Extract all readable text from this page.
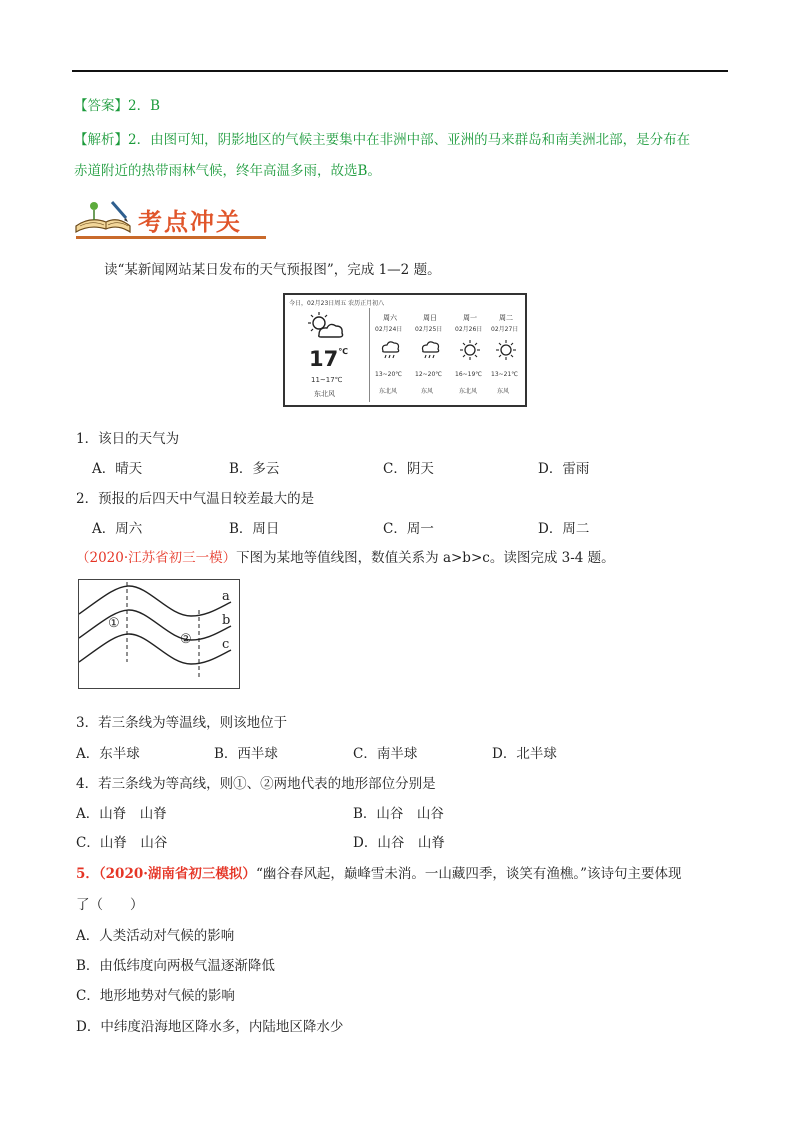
【答案】2．B
【解析】2．由图可知，阴影地区的气候主要集中在非洲中部、亚洲的马来群岛和南美洲北部，是分布在
赤道附近的热带雨林气候，终年高温多雨，故选B。
考点冲关
读“某新闻网站某日发布的天气预报图”，完成 1—2 题。
今日，02月23日周五 农历正月初八
17℃
11~17℃
东北风
周六
02月24日
13~20℃
东北风
周日
02月25日
12~20℃
东风
周一
02月26日
16~19℃
东北风
周二
02月27日
13~21℃
东风
1．该日的天气为
A．晴天	B．多云	C．阴天	D．雷雨
2．预报的后四天中气温日较差最大的是
A．周六	B．周日	C．周一	D．周二
（2020·江苏省初三一模）下图为某地等值线图，数值关系为 a>b>c。读图完成 3-4 题。
a
b
c
①
②
3．若三条线为等温线，则该地位于
A．东半球	B．西半球	C．南半球	D．北半球
4．若三条线为等高线，则①、②两地代表的地形部位分别是
A．山脊　山脊	B．山谷　山谷
C．山脊　山谷	D．山谷　山脊
5．（2020·湖南省初三模拟）“幽谷春风起，巅峰雪未消。一山藏四季，谈笑有渔樵。”该诗句主要体现
了（　　）
A．人类活动对气候的影响
B．由低纬度向两极气温逐渐降低
C．地形地势对气候的影响
D．中纬度沿海地区降水多，内陆地区降水少
